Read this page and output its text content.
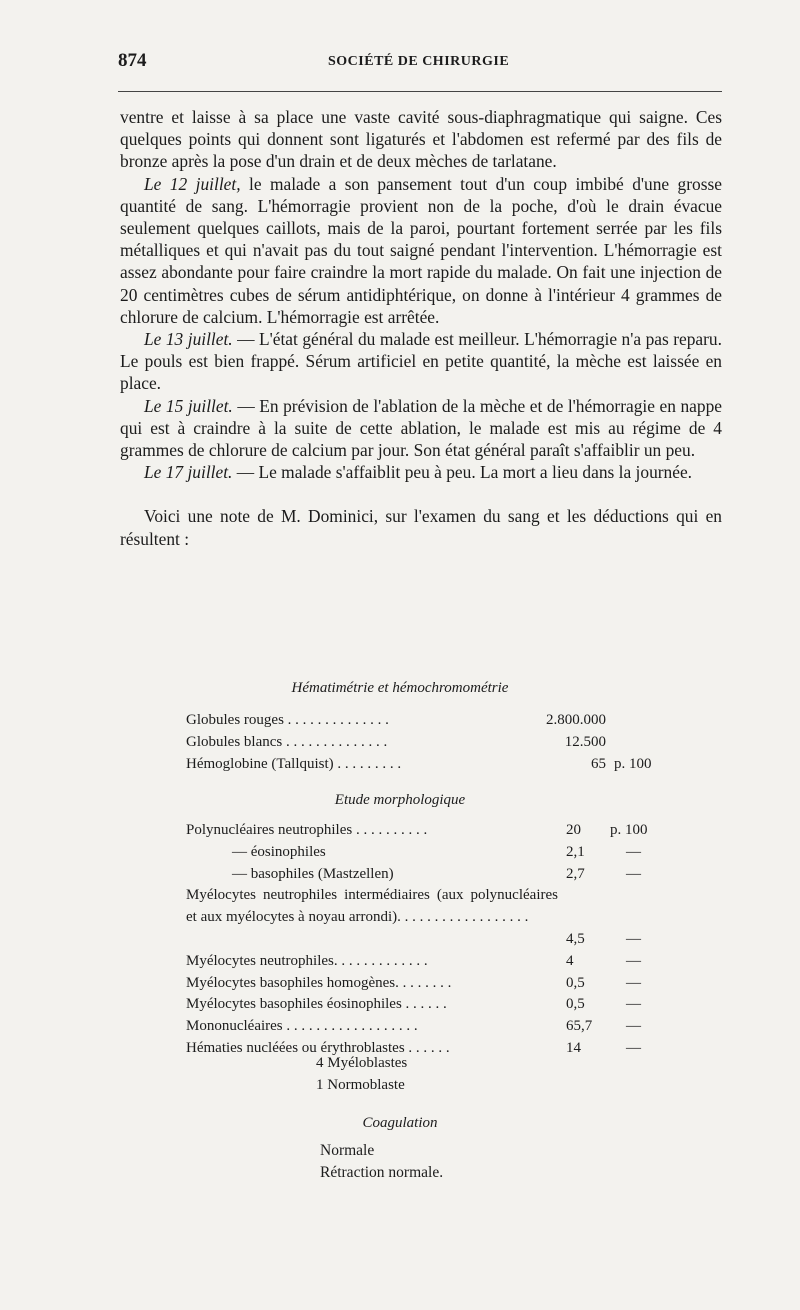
874	SOCIÉTÉ DE CHIRURGIE

ventre et laisse à sa place une vaste cavité sous-diaphragmatique qui saigne. Ces quelques points qui donnent sont ligaturés et l'abdomen est refermé par des fils de bronze après la pose d'un drain et de deux mèches de tarlatane.

Le 12 juillet, le malade a son pansement tout d'un coup imbibé d'une grosse quantité de sang. L'hémorragie provient non de la poche, d'où le drain évacue seulement quelques caillots, mais de la paroi, pourtant fortement serrée par les fils métalliques et qui n'avait pas du tout saigné pendant l'intervention. L'hémorragie est assez abondante pour faire craindre la mort rapide du malade. On fait une injection de 20 centimètres cubes de sérum antidiphtérique, on donne à l'intérieur 4 grammes de chlorure de calcium. L'hémorragie est arrêtée.

Le 13 juillet. — L'état général du malade est meilleur. L'hémorragie n'a pas reparu. Le pouls est bien frappé. Sérum artificiel en petite quantité, la mèche est laissée en place.

Le 15 juillet. — En prévision de l'ablation de la mèche et de l'hémorragie en nappe qui est à craindre à la suite de cette ablation, le malade est mis au régime de 4 grammes de chlorure de calcium par jour. Son état général paraît s'affaiblir un peu.

Le 17 juillet. — Le malade s'affaiblit peu à peu. La mort a lieu dans la journée.

Voici une note de M. Dominici, sur l'examen du sang et les déductions qui en résultent :

Hématimétrie et hémochromométrie
Globules rouges . . . . . . . . . . . . . .	2.800.000
Globules blancs . . . . . . . . . . . . . .	12.500
Hémoglobine (Tallquist) . . . . . . . . .	65 p. 100
Etude morphologique
Polynucléaires neutrophiles . . . . . . . . . .	20 p. 100
— éosinophiles	2,1	—
— basophiles (Mastzellen)	2,7	—
Myélocytes neutrophiles intermédiaires (aux polynucléaires et aux myélocytes à noyau arrondi). . . . . . . . . . . . . . . . . .
4,5	—
Myélocytes neutrophiles. . . . . . . . . . . . .	4	—
Myélocytes basophiles homogènes. . . . . . . .	0,5	—
Myélocytes basophiles éosinophiles . . . . . .	0,5	—
Mononucléaires . . . . . . . . . . . . . . . . . .	65,7 —
Hématies nucléées ou érythroblastes . . . . . .	14	—
4 Myéloblastes
1 Normoblaste
Coagulation
Normale
Rétraction normale.
